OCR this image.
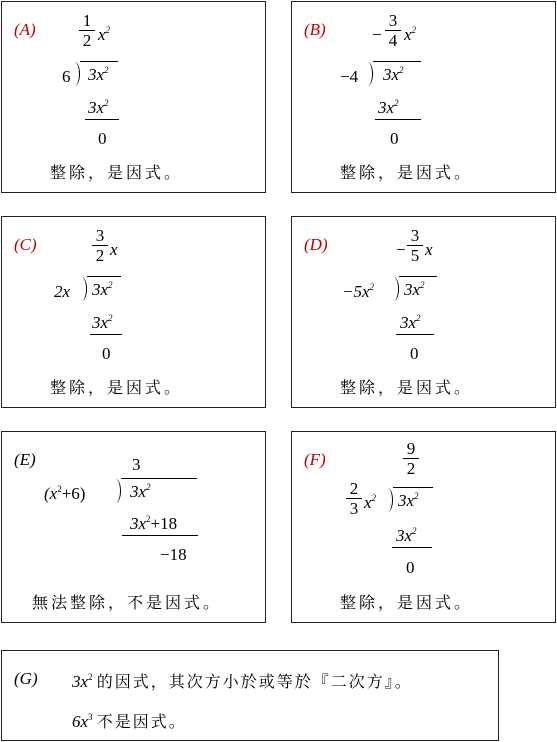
(A)	1
2 $x^2$
6 $3x^2$
$3x^2$
0
整除，是因式。
(B)	−
3
4 $x^2$
−4 $3x^2$
$3x^2$
0
整除，是因式。
(C)	3
2 x
2x $3x^2$
$3x^2$
0
整除，是因式。
(D)	−
3
5 x
$-5x^2$ $3x^2$
$3x^2$
0
整除，是因式。
(E)	3
$(x^2+6)$	$3x^2$
$3x^2+18$
−18
無法整除，不是因式。
(F)
9
2
2
3 $x^2$ $3x^2$
$3x^2$
0
整除，是因式。
(G) $3x^2$ 的因式，其次方小於或等於『二次方』。
$6x^3$ 不是因式。
